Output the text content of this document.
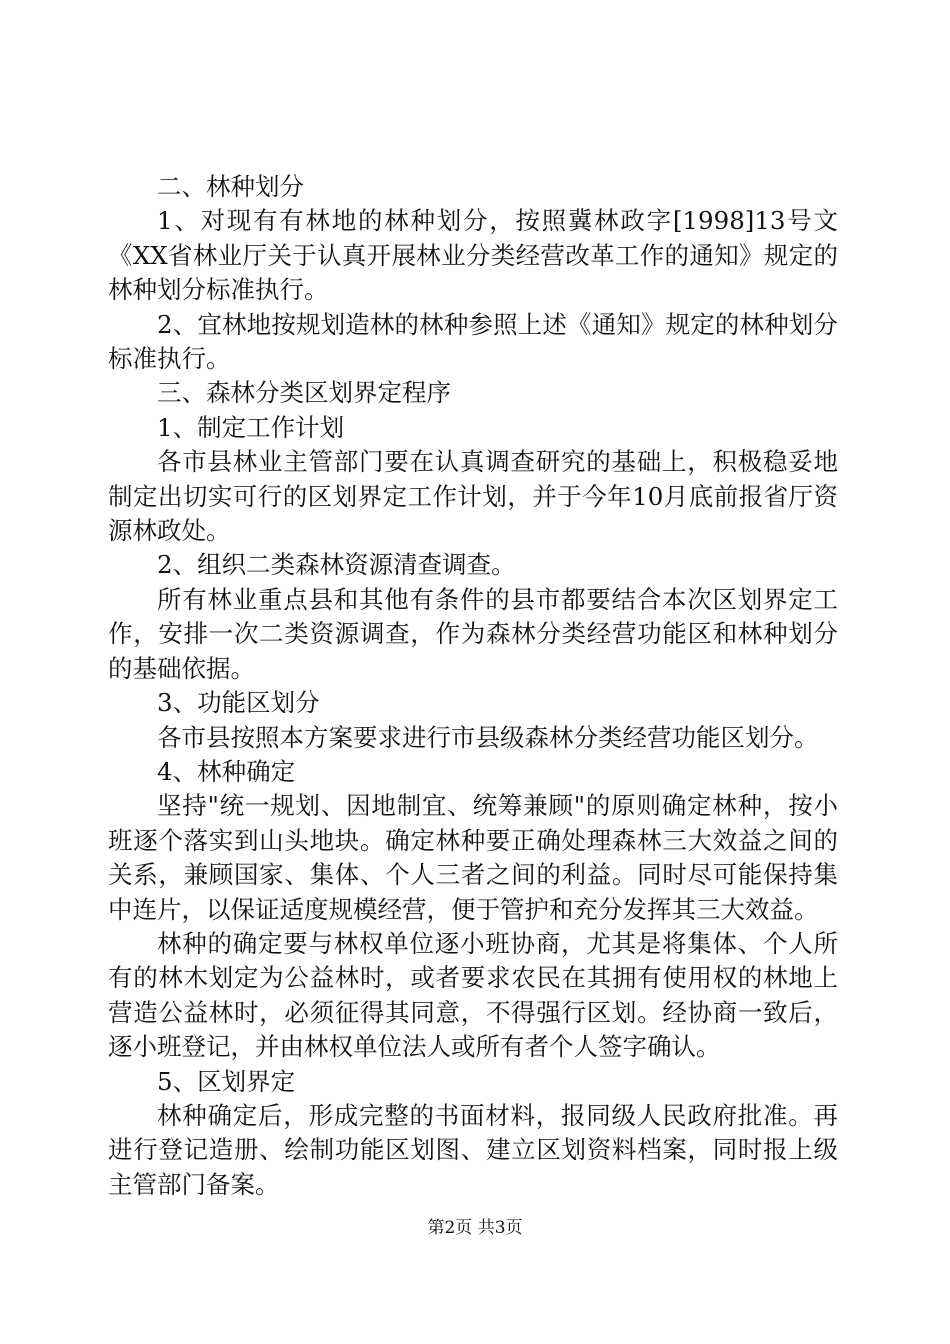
二、林种划分

1、对现有有林地的林种划分，按照冀林政字[1998]13号文《XX省林业厅关于认真开展林业分类经营改革工作的通知》规定的林种划分标准执行。

2、宜林地按规划造林的林种参照上述《通知》规定的林种划分标准执行。

三、森林分类区划界定程序

1、制定工作计划

各市县林业主管部门要在认真调查研究的基础上，积极稳妥地制定出切实可行的区划界定工作计划，并于今年10月底前报省厅资源林政处。

2、组织二类森林资源清查调查。

所有林业重点县和其他有条件的县市都要结合本次区划界定工作，安排一次二类资源调查，作为森林分类经营功能区和林种划分的基础依据。

3、功能区划分

各市县按照本方案要求进行市县级森林分类经营功能区划分。

4、林种确定

坚持"统一规划、因地制宜、统筹兼顾"的原则确定林种，按小班逐个落实到山头地块。确定林种要正确处理森林三大效益之间的关系，兼顾国家、集体、个人三者之间的利益。同时尽可能保持集中连片，以保证适度规模经营，便于管护和充分发挥其三大效益。

林种的确定要与林权单位逐小班协商，尤其是将集体、个人所有的林木划定为公益林时，或者要求农民在其拥有使用权的林地上营造公益林时，必须征得其同意，不得强行区划。经协商一致后，逐小班登记，并由林权单位法人或所有者个人签字确认。

5、区划界定

林种确定后，形成完整的书面材料，报同级人民政府批准。再进行登记造册、绘制功能区划图、建立区划资料档案，同时报上级主管部门备案。

第2页 共3页
